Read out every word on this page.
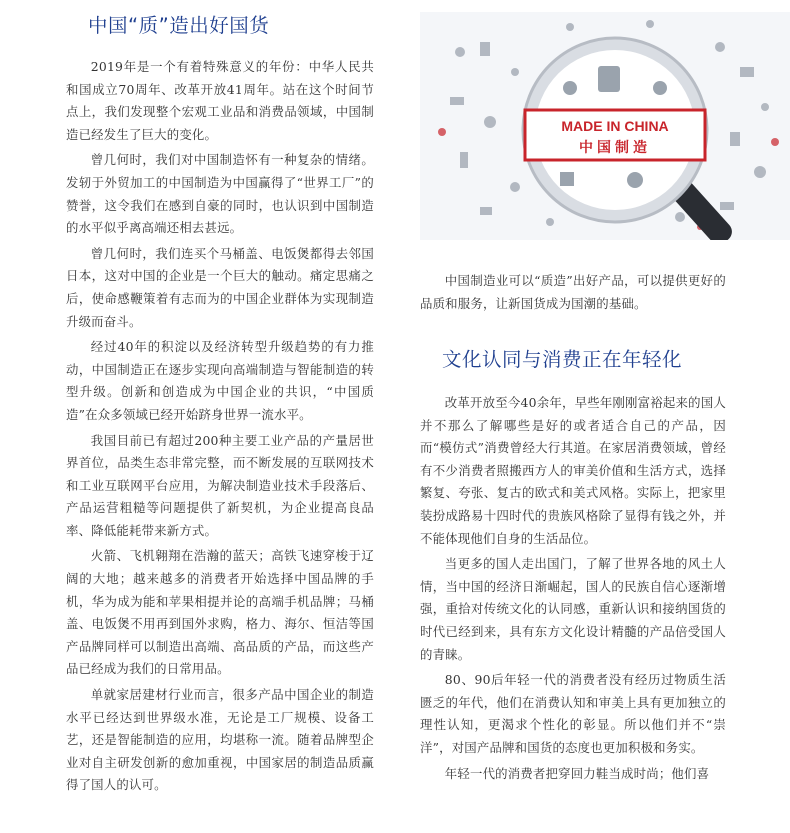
中国“质”造出好国货

2019年是一个有着特殊意义的年份：中华人民共和国成立70周年、改革开放41周年。站在这个时间节点上，我们发现整个宏观工业品和消费品领域，中国制造已经发生了巨大的变化。

曾几何时，我们对中国制造怀有一种复杂的情绪。发轫于外贸加工的中国制造为中国赢得了“世界工厂”的赞誉，这令我们在感到自豪的同时，也认识到中国制造的水平似乎离高端还相去甚远。

曾几何时，我们连买个马桶盖、电饭煲都得去邻国日本，这对中国的企业是一个巨大的触动。痛定思痛之后，使命感鞭策着有志而为的中国企业群体为实现制造升级而奋斗。

经过40年的积淀以及经济转型升级趋势的有力推动，中国制造正在逐步实现向高端制造与智能制造的转型升级。创新和创造成为中国企业的共识，“中国质造”在众多领域已经开始跻身世界一流水平。

我国目前已有超过200种主要工业产品的产量居世界首位，品类生态非常完整，而不断发展的互联网技术和工业互联网平台应用，为解决制造业技术手段落后、产品运营粗糙等问题提供了新契机，为企业提高良品率、降低能耗带来新方式。

火箭、飞机翱翔在浩瀚的蓝天；高铁飞速穿梭于辽阔的大地；越来越多的消费者开始选择中国品牌的手机，华为成为能和苹果相提并论的高端手机品牌；马桶盖、电饭煲不用再到国外求购，格力、海尔、恒洁等国产品牌同样可以制造出高端、高品质的产品，而这些产品已经成为我们的日常用品。

单就家居建材行业而言，很多产品中国企业的制造水平已经达到世界级水准，无论是工厂规模、设备工艺，还是智能制造的应用，均堪称一流。随着品牌型企业对自主研发创新的愈加重视，中国家居的制造品质赢得了国人的认可。

MADE IN CHINA
中国制造

中国制造业可以“质造”出好产品，可以提供更好的品质和服务，让新国货成为国潮的基础。

文化认同与消费正在年轻化

改革开放至今40余年，早些年刚刚富裕起来的国人并不那么了解哪些是好的或者适合自己的产品，因而“模仿式”消费曾经大行其道。在家居消费领域，曾经有不少消费者照搬西方人的审美价值和生活方式，选择繁复、夸张、复古的欧式和美式风格。实际上，把家里装扮成路易十四时代的贵族风格除了显得有钱之外，并不能体现他们自身的生活品位。

当更多的国人走出国门，了解了世界各地的风土人情，当中国的经济日渐崛起，国人的民族自信心逐渐增强，重拾对传统文化的认同感，重新认识和接纳国货的时代已经到来，具有东方文化设计精髓的产品倍受国人的青睐。

80、90后年轻一代的消费者没有经历过物质生活匮乏的年代，他们在消费认知和审美上具有更加独立的理性认知，更渴求个性化的彰显。所以他们并不“崇洋”，对国产品牌和国货的态度也更加积极和务实。

年轻一代的消费者把穿回力鞋当成时尚；他们喜
